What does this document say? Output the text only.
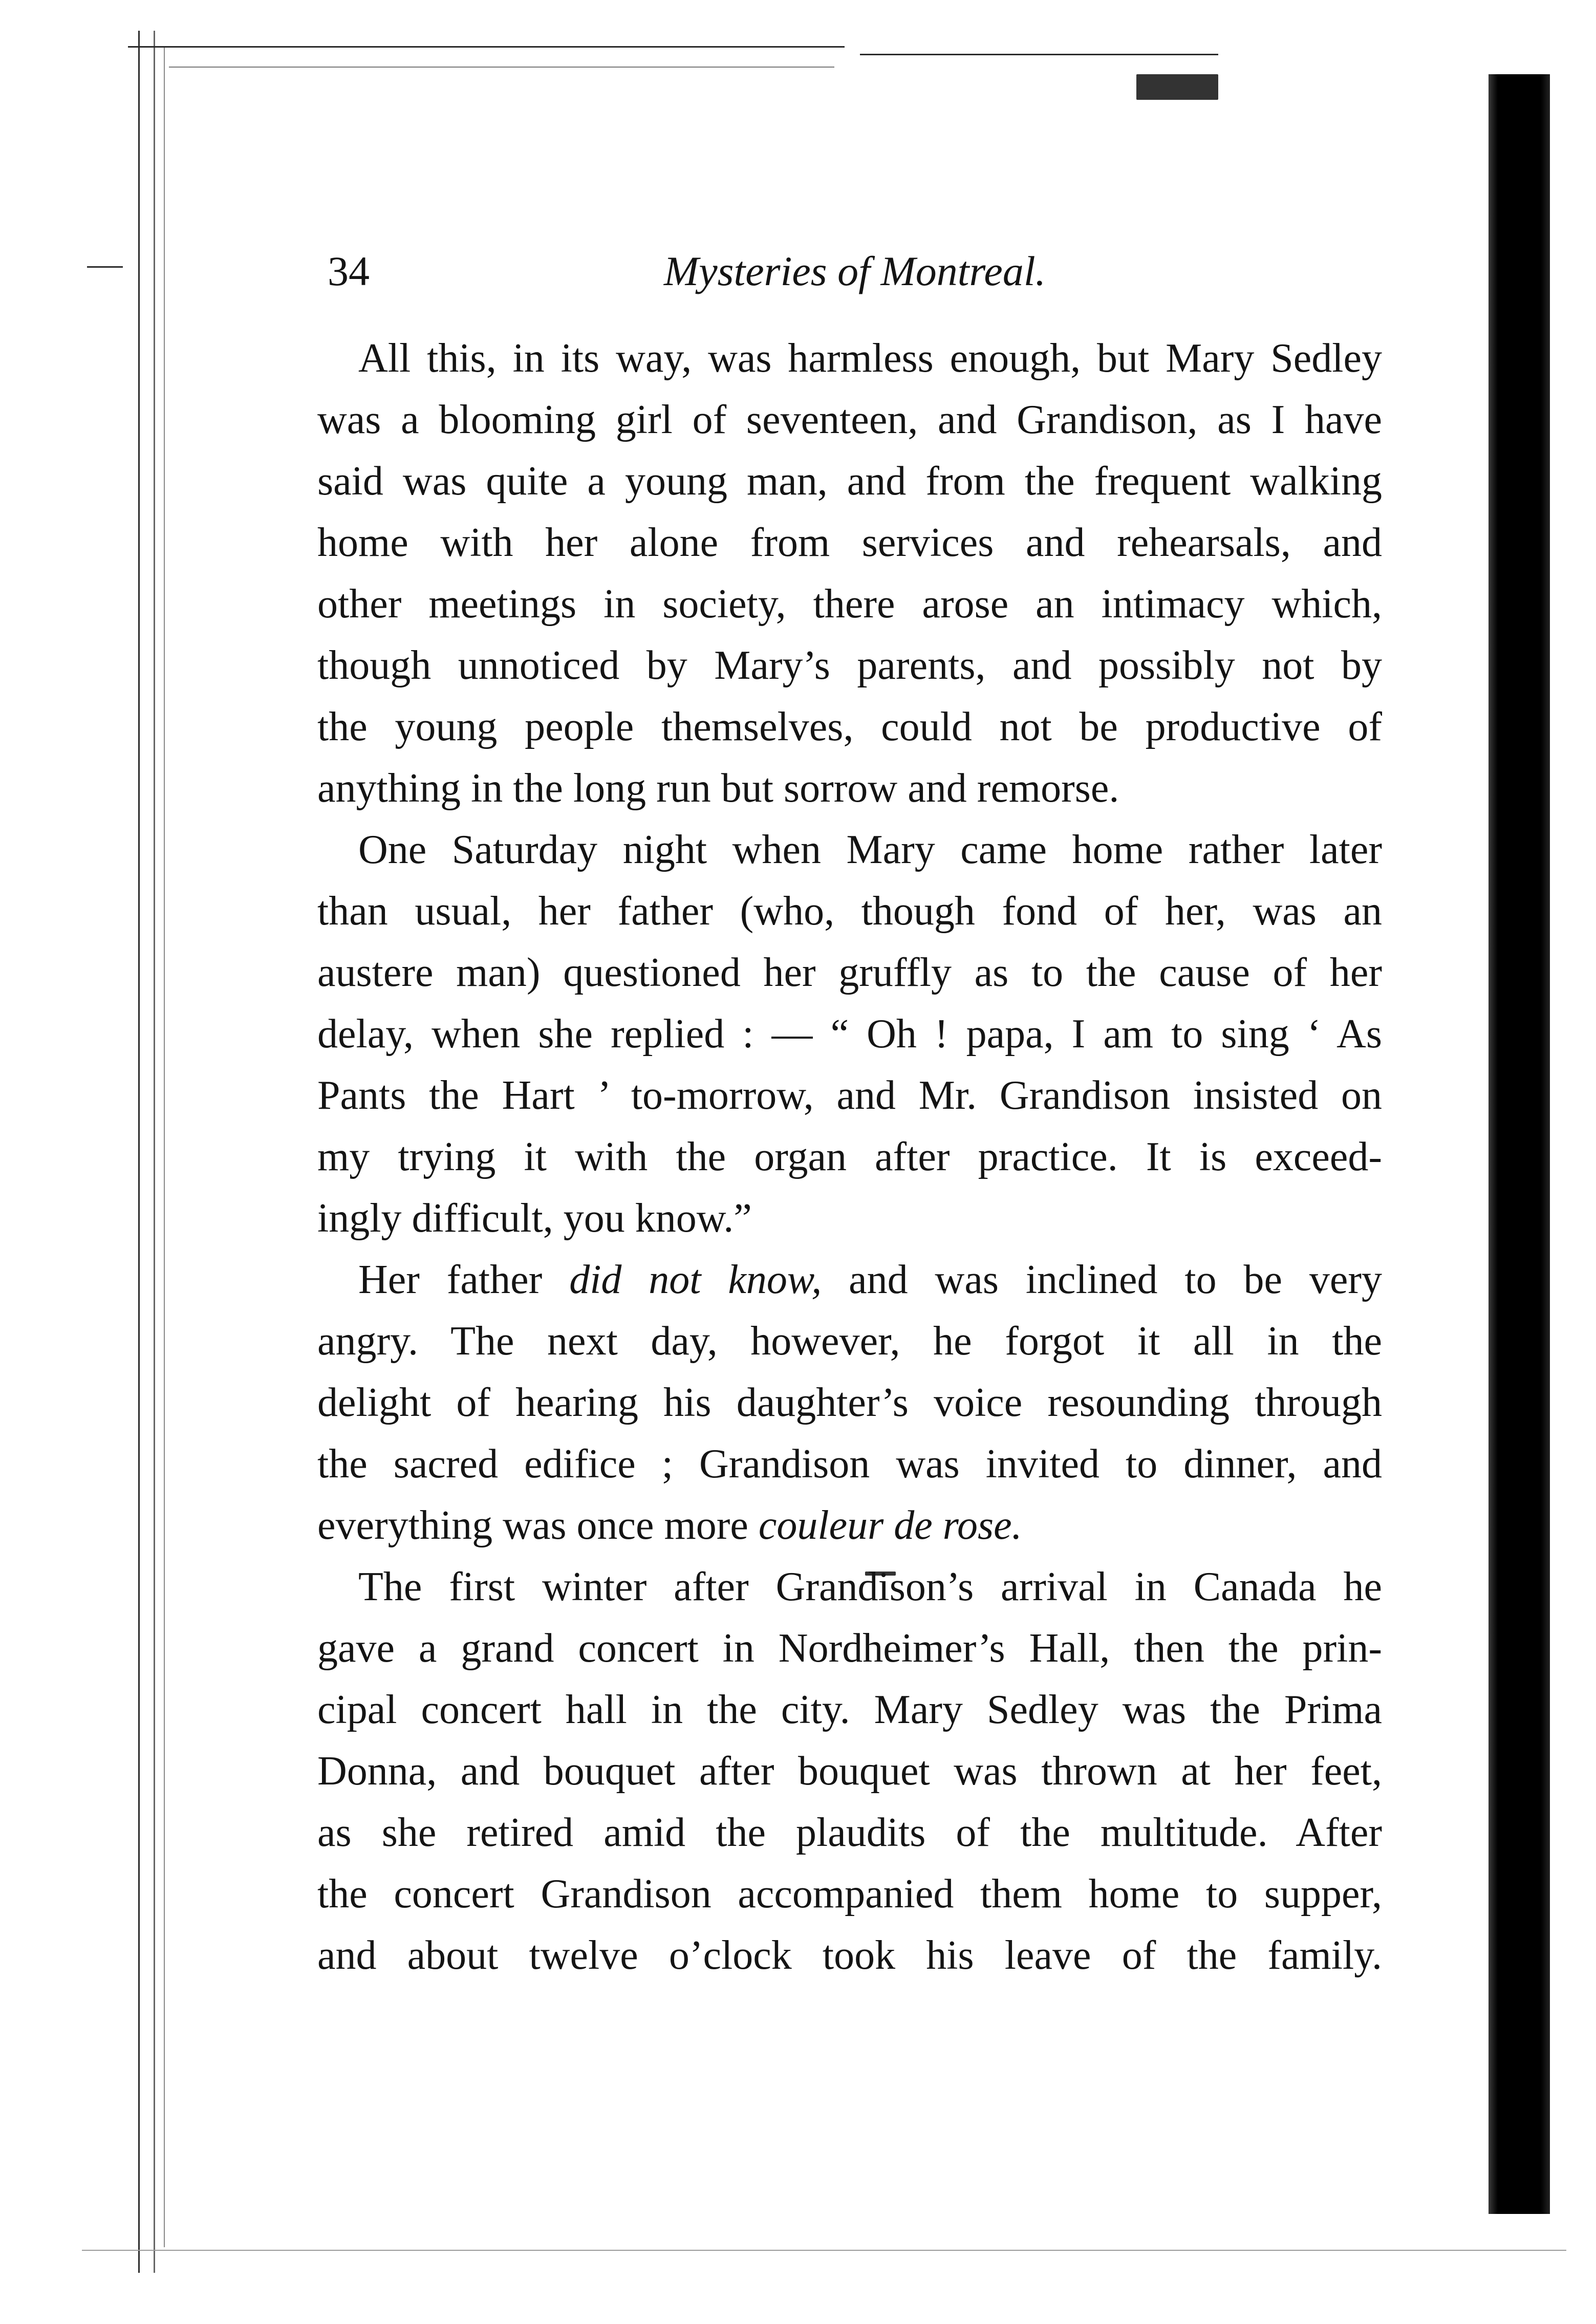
34	Mysteries of Montreal.
All this, in its way, was harmless enough, but Mary Sedley
was a blooming girl of seventeen, and Grandison, as I have
said was quite a young man, and from the frequent walking
home with her alone from services and rehearsals, and
other meetings in society, there arose an intimacy which,
though unnoticed by Mary’s parents, and possibly not by
the young people themselves, could not be productive of
anything in the long run but sorrow and remorse.
One Saturday night when Mary came home rather later
than usual, her father (who, though fond of her, was an
austere man) questioned her gruffly as to the cause of her
delay, when she replied : — “ Oh ! papa, I am to sing ‘ As
Pants the Hart ’ to-morrow, and Mr. Grandison insisted on
my trying it with the organ after practice. It is exceed-
ingly difficult, you know.”
Her father did not know, and was inclined to be very
angry. The next day, however, he forgot it all in the
delight of hearing his daughter’s voice resounding through
the sacred edifice ; Grandison was invited to dinner, and
everything was once more couleur de rose.
The first winter after Grandison’s arrival in Canada he
gave a grand concert in Nordheimer’s Hall, then the prin-
cipal concert hall in the city. Mary Sedley was the Prima
Donna, and bouquet after bouquet was thrown at her feet,
as she retired amid the plaudits of the multitude. After
the concert Grandison accompanied them home to supper,
and about twelve o’clock took his leave of the family.
